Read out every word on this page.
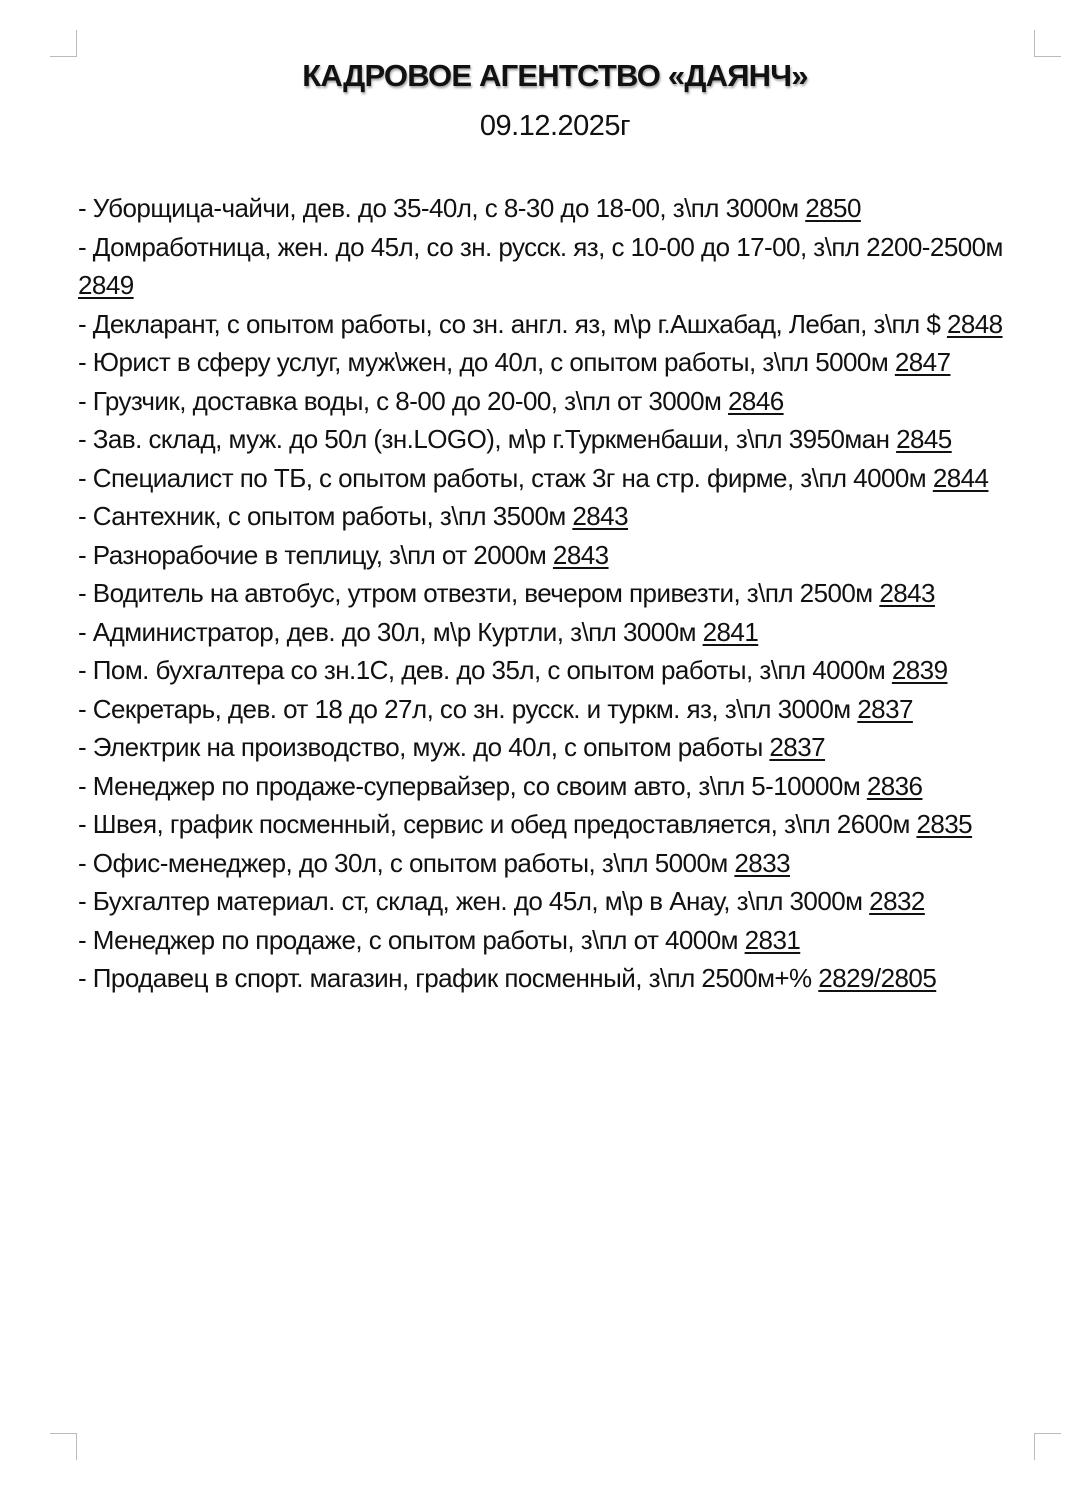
КАДРОВОЕ АГЕНТСТВО «ДАЯНЧ»
09.12.2025г

- Уборщица-чайчи, дев. до 35-40л, с 8-30 до 18-00, з\пл 3000м 2850

- Домработница, жен. до 45л, со зн. русск. яз, с 10-00 до 17-00, з\пл 2200-2500м 2849

- Декларант, с опытом работы, со зн. англ. яз, м\р г.Ашхабад, Лебап, з\пл $ 2848

- Юрист в сферу услуг, муж\жен, до 40л, с опытом работы, з\пл 5000м 2847

- Грузчик, доставка воды, с 8-00 до 20-00, з\пл от 3000м 2846

- Зав. склад, муж. до 50л (зн.LOGO), м\р г.Туркменбаши, з\пл 3950ман 2845

- Специалист по ТБ, с опытом работы, стаж 3г на стр. фирме, з\пл 4000м 2844

- Сантехник, с опытом работы, з\пл 3500м 2843

- Разнорабочие в теплицу, з\пл от 2000м 2843

- Водитель на автобус, утром отвезти, вечером привезти, з\пл 2500м 2843

- Администратор, дев. до 30л, м\р Куртли, з\пл 3000м 2841

- Пом. бухгалтера со зн.1С, дев. до 35л, с опытом работы, з\пл 4000м 2839

- Секретарь, дев. от 18 до 27л, со зн. русск. и туркм. яз, з\пл 3000м 2837

- Электрик на производство, муж. до 40л, с опытом работы 2837

- Менеджер по продаже-супервайзер, со своим авто, з\пл 5-10000м 2836

- Швея, график посменный, сервис и обед предоставляется, з\пл 2600м 2835

- Офис-менеджер, до 30л, с опытом работы, з\пл 5000м 2833

- Бухгалтер материал. ст, склад, жен. до 45л, м\р в Анау, з\пл 3000м 2832

- Менеджер по продаже, с опытом работы, з\пл от 4000м 2831

- Продавец в спорт. магазин, график посменный, з\пл 2500м+% 2829/2805
